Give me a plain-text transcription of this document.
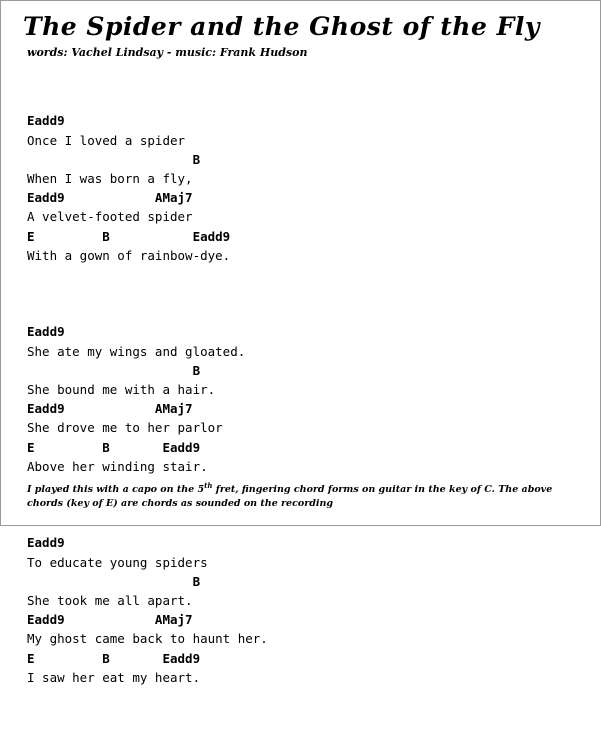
The Spider and the Ghost of the Fly
words: Vachel Lindsay - music: Frank Hudson

Eadd9
Once I loved a spider
B
When I was born a fly,
Eadd9            AMaj7
A velvet-footed spider
E         B           Eadd9
With a gown of rainbow-dye.

Eadd9
She ate my wings and gloated.
B
She bound me with a hair.
Eadd9            AMaj7
She drove me to her parlor
E         B       Eadd9
Above her winding stair.

Eadd9
To educate young spiders
B
She took me all apart.
Eadd9            AMaj7
My ghost came back to haunt her.
E         B       Eadd9
I saw her eat my heart.

I played this with a capo on the 5th fret, fingering chord forms on guitar in the key of C. The above chords (key of E) are chords as sounded on the recording
